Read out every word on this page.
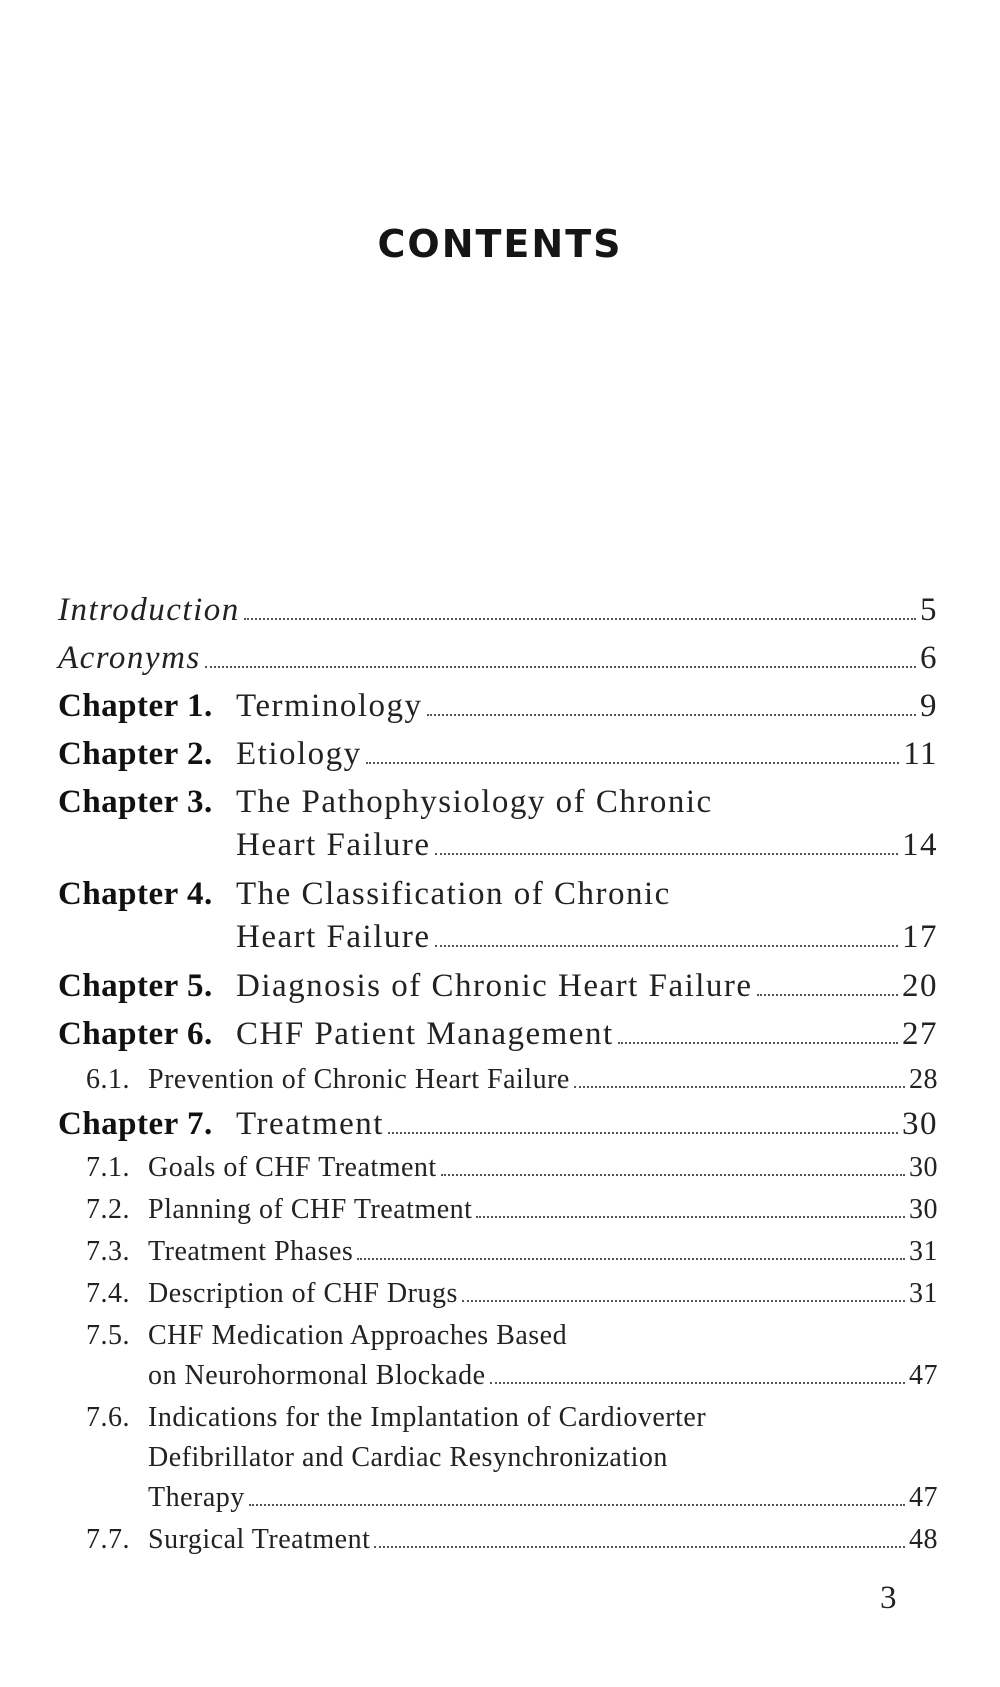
CONTENTS
Introduction	5
Acronyms	6
Chapter 1. Terminology	9
Chapter 2. Etiology	11
Chapter 3. The Pathophysiology of Chronic
Heart Failure	14
Chapter 4. The Classification of Chronic
Heart Failure	17
Chapter 5. Diagnosis of Chronic Heart Failure	20
Chapter 6. CHF Patient Management	27
6.1. Prevention of Chronic Heart Failure	28
Chapter 7. Treatment	30
7.1. Goals of CHF Treatment	30
7.2. Planning of CHF Treatment	30
7.3. Treatment Phases	31
7.4. Description of CHF Drugs	31
7.5. CHF Medication Approaches Based
on Neurohormonal Blockade	47
7.6. Indications for the Implantation of Cardioverter
Defibrillator and Cardiac Resynchronization
Therapy	47
7.7. Surgical Treatment	48
3
